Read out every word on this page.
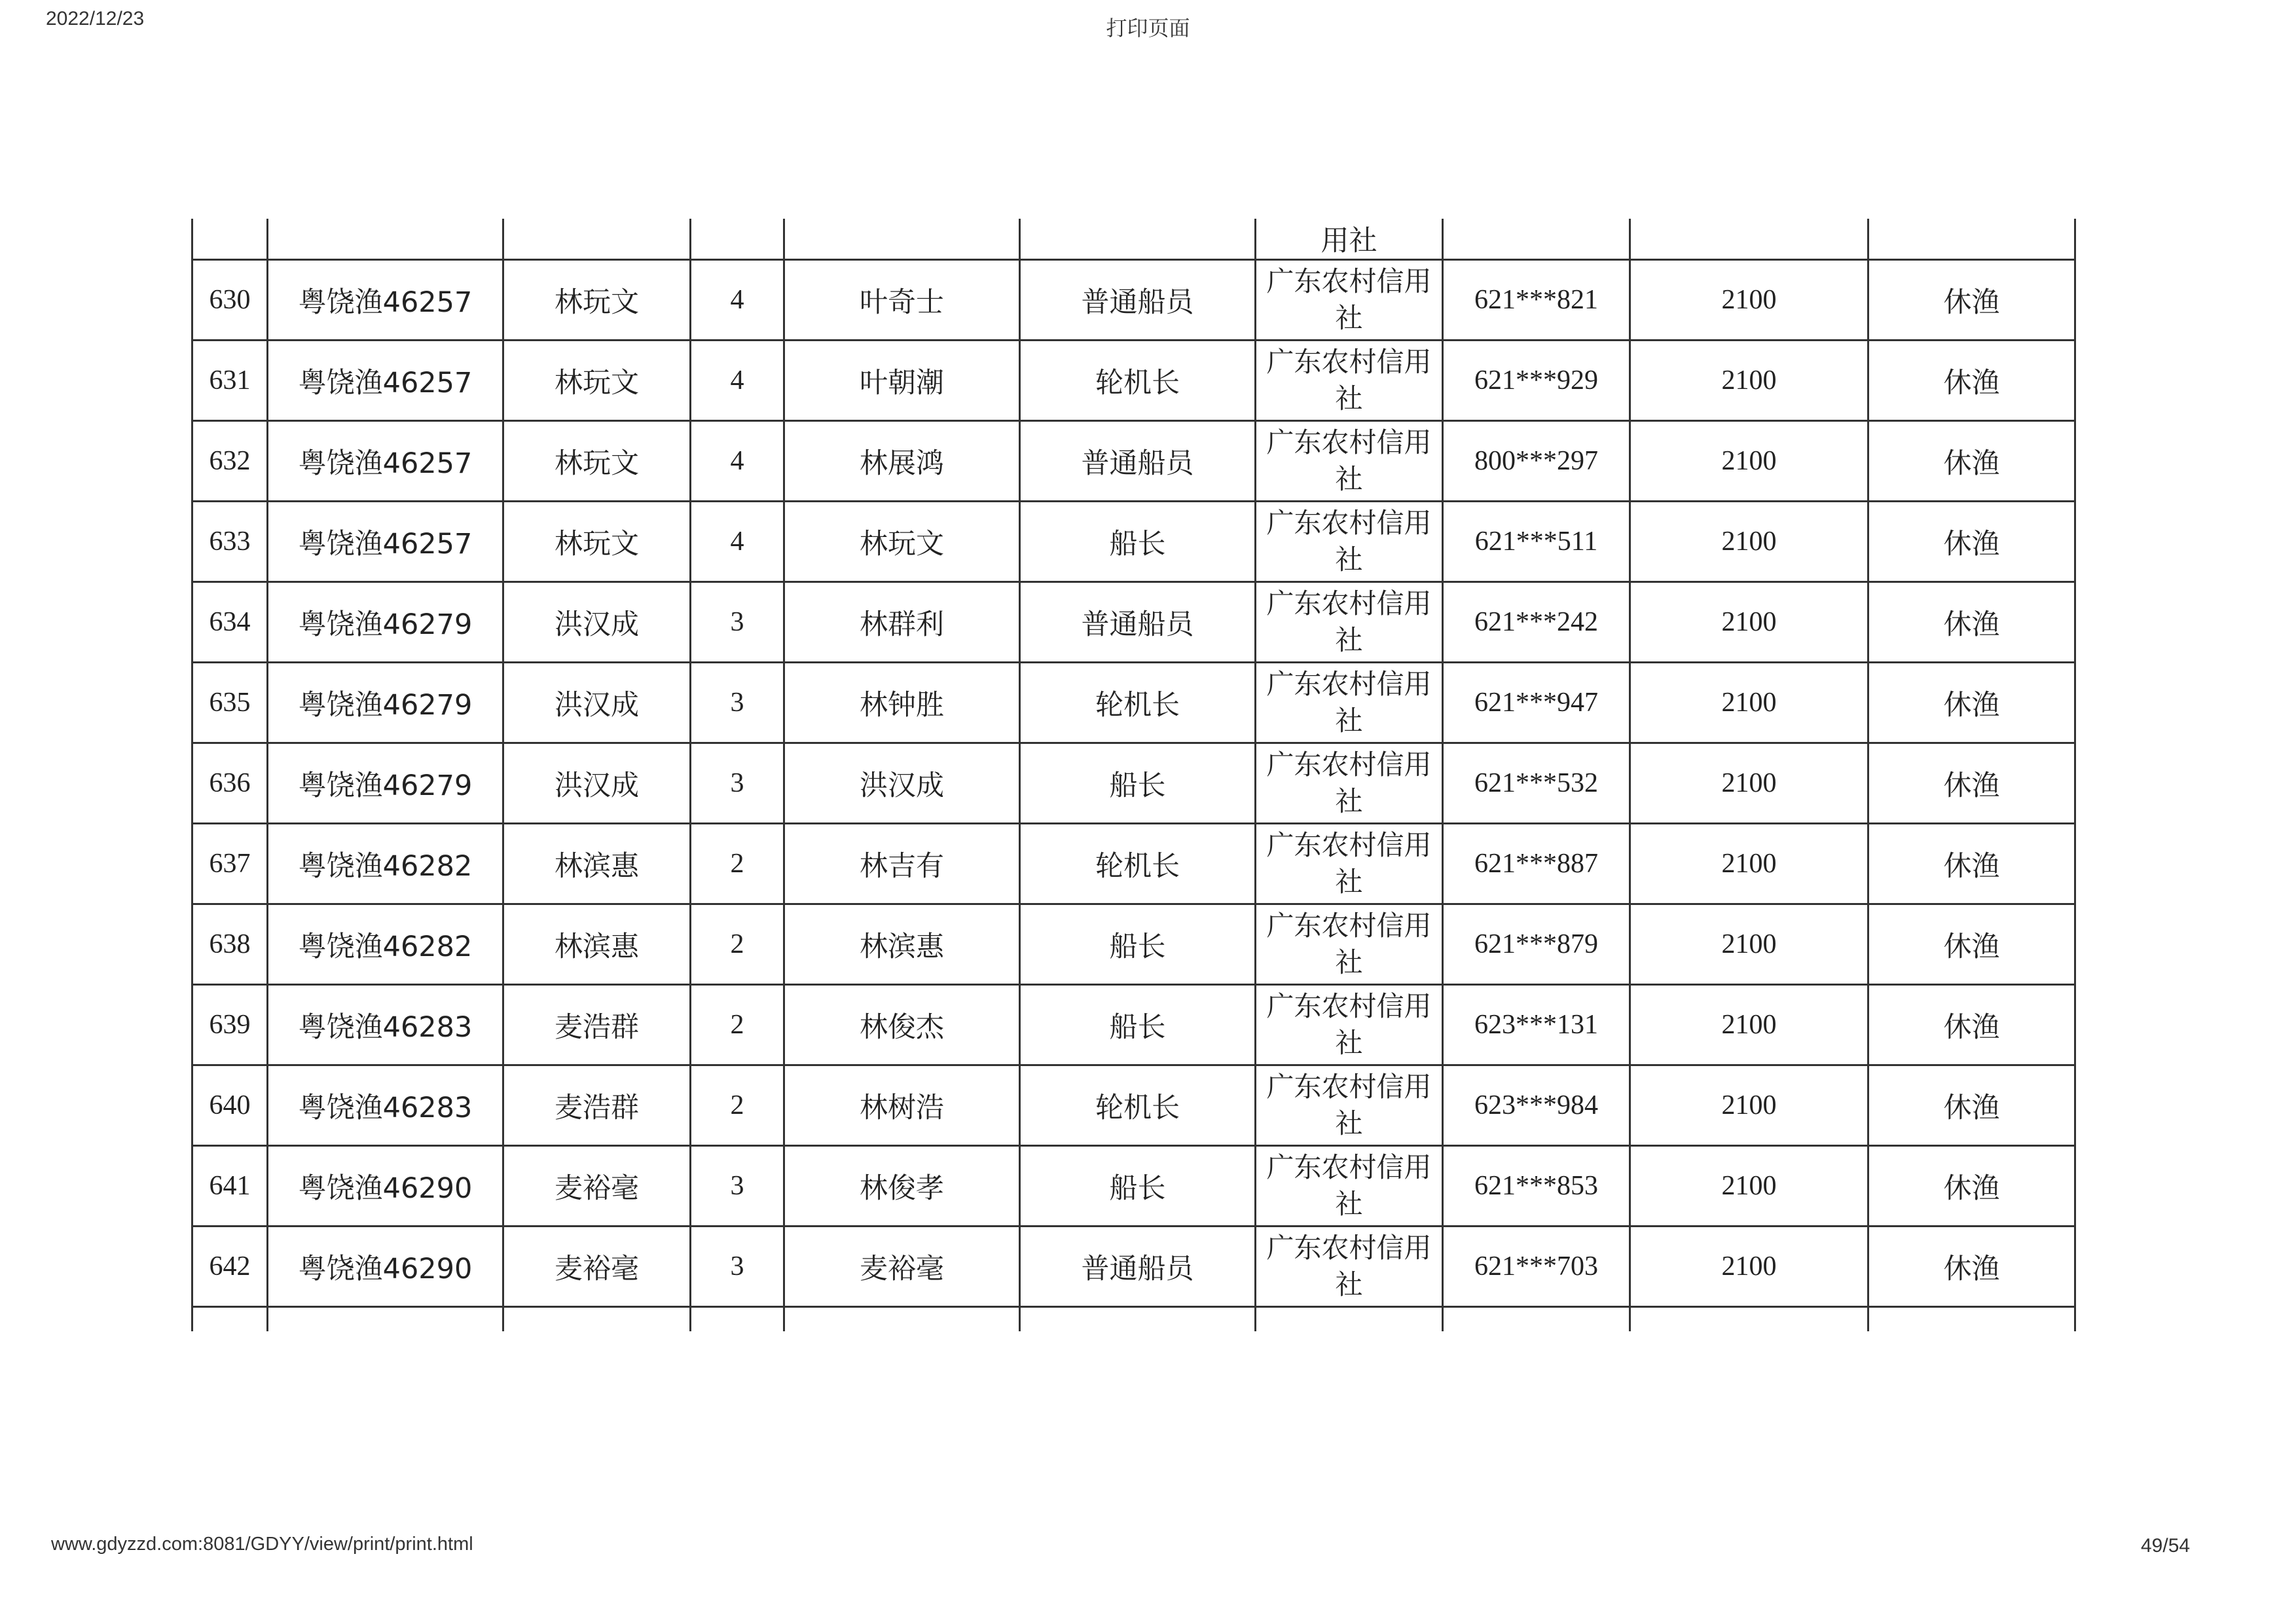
2022/12/23	打印页面
						用社			
630	粤饶渔46257	林玩文	4	叶奇士	普通船员	广东农村信用社	621***821	2100	休渔
631	粤饶渔46257	林玩文	4	叶朝潮	轮机长	广东农村信用社	621***929	2100	休渔
632	粤饶渔46257	林玩文	4	林展鸿	普通船员	广东农村信用社	800***297	2100	休渔
633	粤饶渔46257	林玩文	4	林玩文	船长	广东农村信用社	621***511	2100	休渔
634	粤饶渔46279	洪汉成	3	林群利	普通船员	广东农村信用社	621***242	2100	休渔
635	粤饶渔46279	洪汉成	3	林钟胜	轮机长	广东农村信用社	621***947	2100	休渔
636	粤饶渔46279	洪汉成	3	洪汉成	船长	广东农村信用社	621***532	2100	休渔
637	粤饶渔46282	林滨惠	2	林吉有	轮机长	广东农村信用社	621***887	2100	休渔
638	粤饶渔46282	林滨惠	2	林滨惠	船长	广东农村信用社	621***879	2100	休渔
639	粤饶渔46283	麦浩群	2	林俊杰	船长	广东农村信用社	623***131	2100	休渔
640	粤饶渔46283	麦浩群	2	林树浩	轮机长	广东农村信用社	623***984	2100	休渔
641	粤饶渔46290	麦裕毫	3	林俊孝	船长	广东农村信用社	621***853	2100	休渔
642	粤饶渔46290	麦裕毫	3	麦裕毫	普通船员	广东农村信用社	621***703	2100	休渔

www.gdyzzd.com:8081/GDYY/view/print/print.html	49/54
